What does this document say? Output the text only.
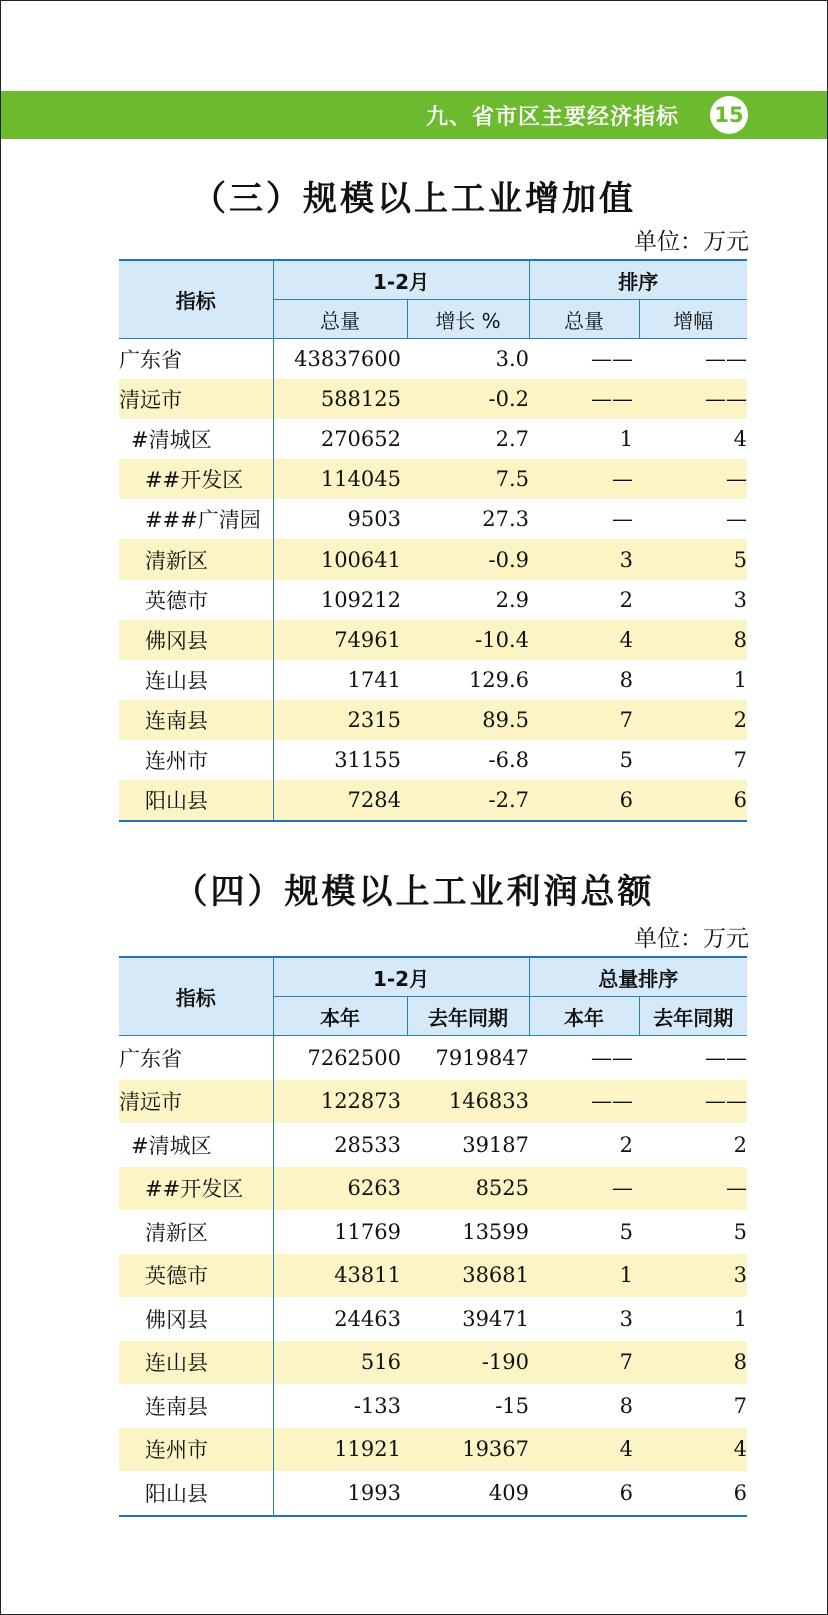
九、省市区主要经济指标 15
（三）规模以上工业增加值
单位：万元
指标	1-2月		排序	
	总量	增长 %	总量	增幅
广东省	43837600	3.0	——	——
清远市	588125	-0.2	——	——
#清城区	270652	2.7	1	4
##开发区	114045	7.5	—	—
###广清园	9503	27.3	—	—
清新区	100641	-0.9	3	5
英德市	109212	2.9	2	3
佛冈县	74961	-10.4	4	8
连山县	1741	129.6	8	1
连南县	2315	89.5	7	2
连州市	31155	-6.8	5	7
阳山县	7284	-2.7	6	6
（四）规模以上工业利润总额
单位：万元
指标	1-2月		总量排序	
	本年	去年同期	本年	去年同期
广东省	7262500	7919847	——	——
清远市	122873	146833	——	——
#清城区	28533	39187	2	2
##开发区	6263	8525	—	—
清新区	11769	13599	5	5
英德市	43811	38681	1	3
佛冈县	24463	39471	3	1
连山县	516	-190	7	8
连南县	-133	-15	8	7
连州市	11921	19367	4	4
阳山县	1993	409	6	6
